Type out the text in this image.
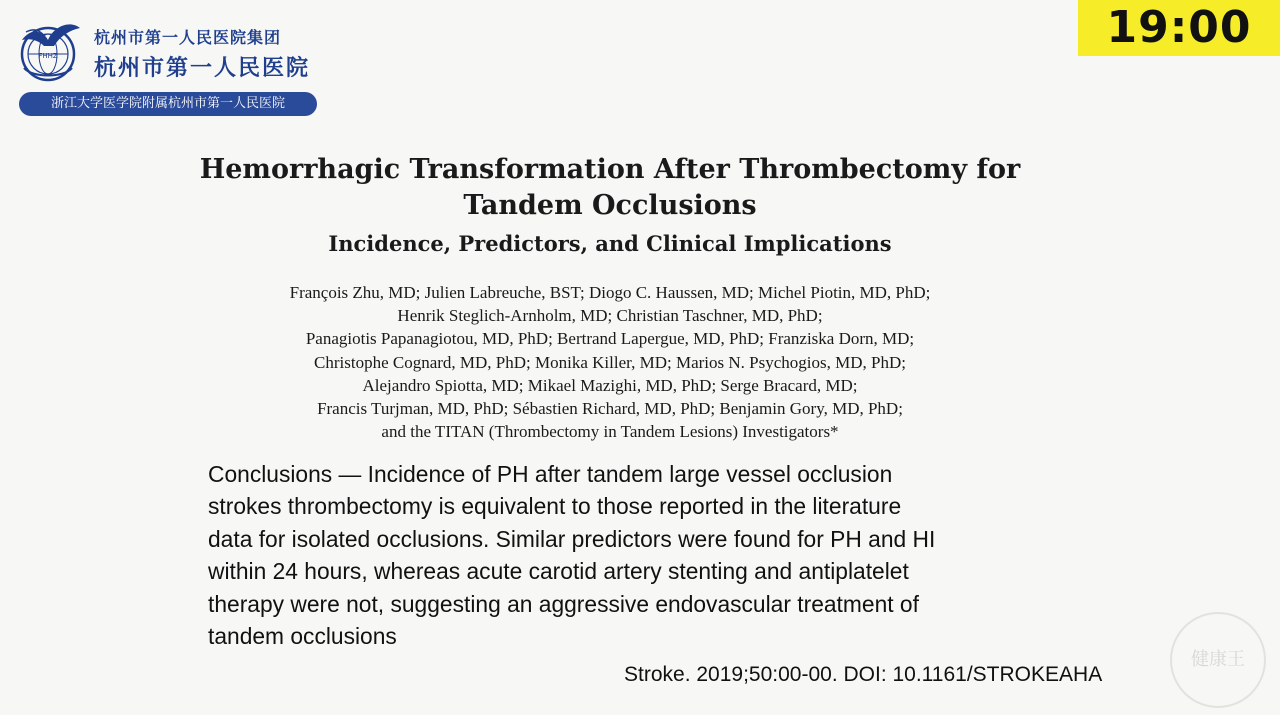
FHHZ
杭州市第一人民医院集团
杭州市第一人民医院
浙江大学医学院附属杭州市第一人民医院
19:00
Hemorrhagic Transformation After Thrombectomy for
Tandem Occlusions
Incidence, Predictors, and Clinical Implications
François Zhu, MD; Julien Labreuche, BST; Diogo C. Haussen, MD; Michel Piotin, MD, PhD;
Henrik Steglich-Arnholm, MD; Christian Taschner, MD, PhD;
Panagiotis Papanagiotou, MD, PhD; Bertrand Lapergue, MD, PhD; Franziska Dorn, MD;
Christophe Cognard, MD, PhD; Monika Killer, MD; Marios N. Psychogios, MD, PhD;
Alejandro Spiotta, MD; Mikael Mazighi, MD, PhD; Serge Bracard, MD;
Francis Turjman, MD, PhD; Sébastien Richard, MD, PhD; Benjamin Gory, MD, PhD;
and the TITAN (Thrombectomy in Tandem Lesions) Investigators*
Conclusions — Incidence of PH after tandem large vessel occlusion
strokes thrombectomy is equivalent to those reported in the literature
data for isolated occlusions. Similar predictors were found for PH and HI
within 24 hours, whereas acute carotid artery stenting and antiplatelet
therapy were not, suggesting an aggressive endovascular treatment of
tandem occlusions
Stroke. 2019;50:00-00. DOI: 10.1161/STROKEAHA
健康王
